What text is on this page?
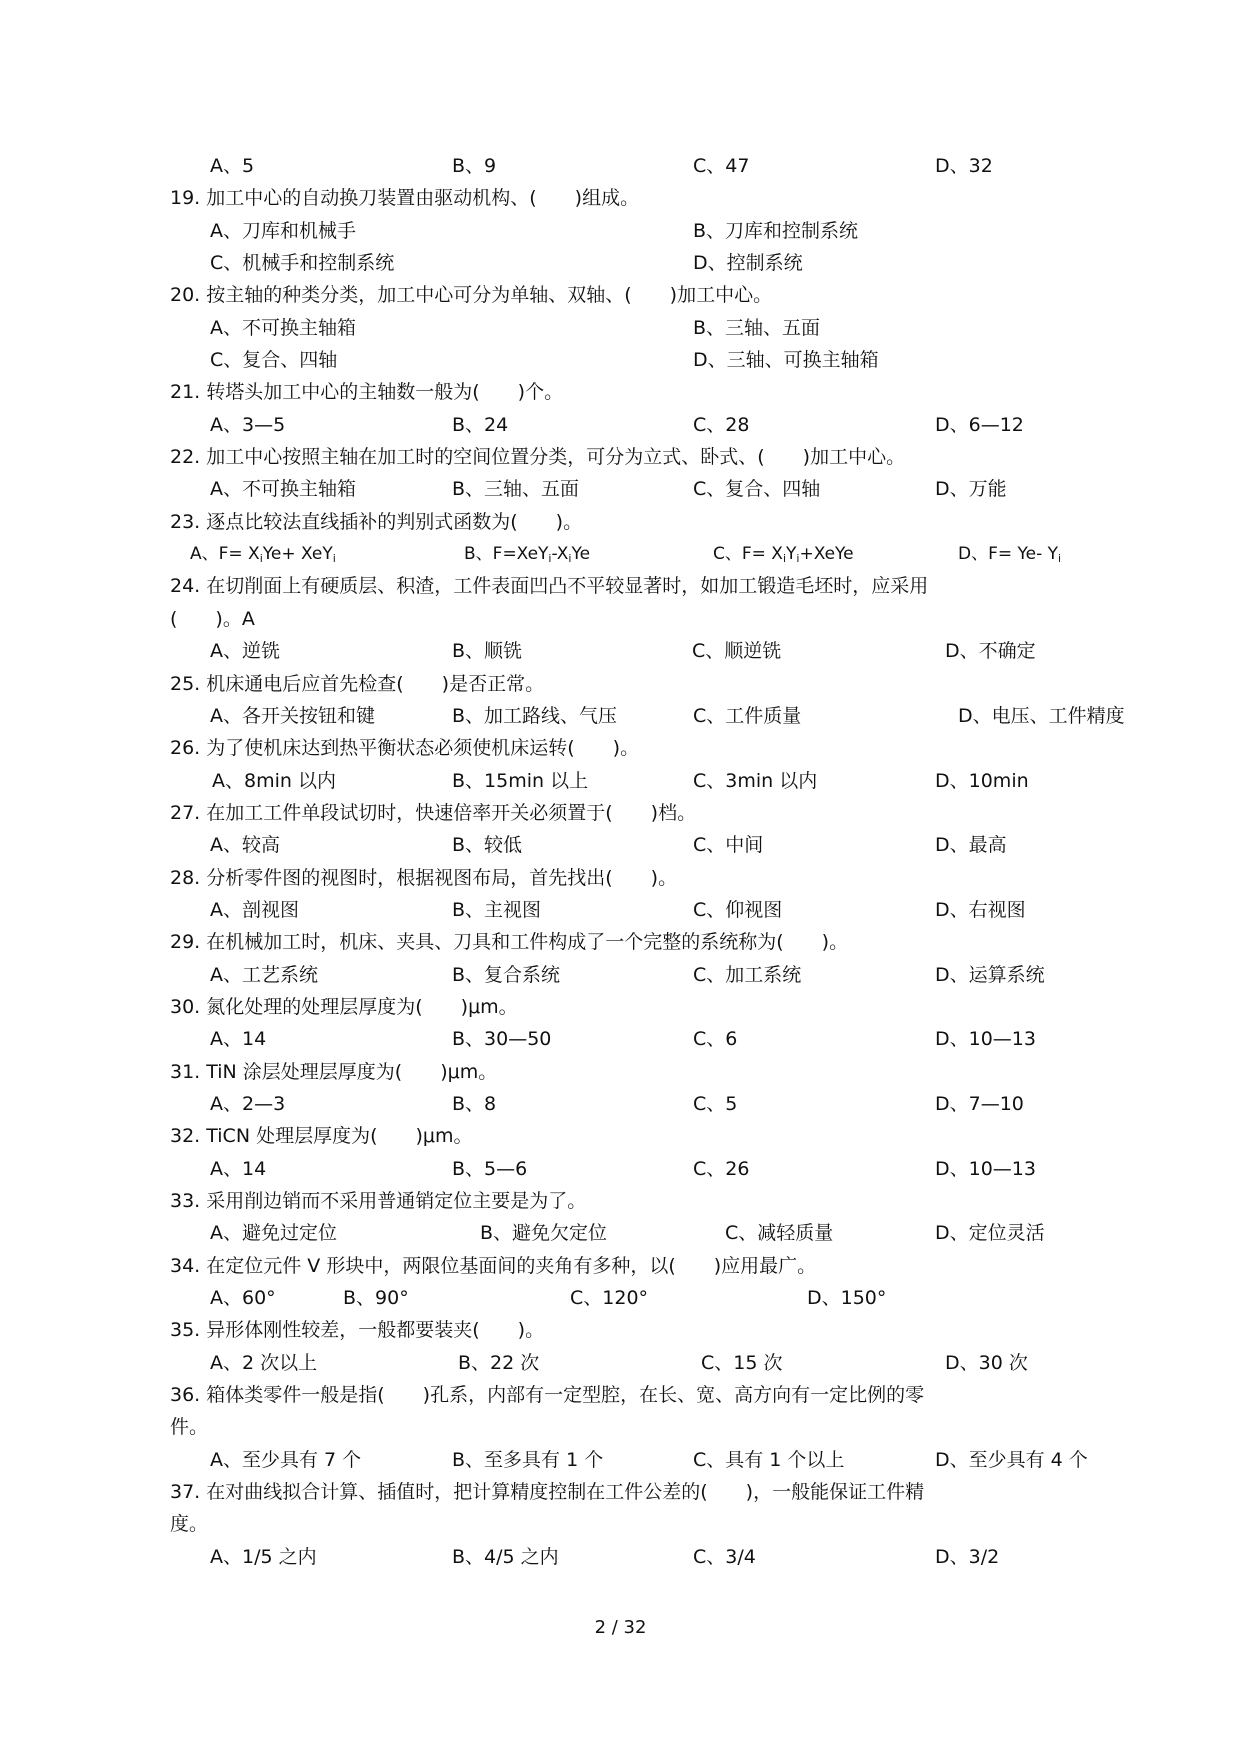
A、5	B、9	C、47	D、32
19. 加工中心的自动换刀装置由驱动机构、(　　)组成。
A、刀库和机械手	B、刀库和控制系统
C、机械手和控制系统	D、控制系统
20. 按主轴的种类分类，加工中心可分为单轴、双轴、(　　)加工中心。
A、不可换主轴箱	B、三轴、五面
C、复合、四轴	D、三轴、可换主轴箱
21. 转塔头加工中心的主轴数一般为(　　)个。
A、3—5	B、24	C、28	D、6—12
22. 加工中心按照主轴在加工时的空间位置分类，可分为立式、卧式、(　　)加工中心。
A、不可换主轴箱	B、三轴、五面	C、复合、四轴	D、万能
23. 逐点比较法直线插补的判别式函数为(　　)。
A、$F= X_iYe+ XeY_i$	B、$F=XeY_i-X_iYe$	C、$F= X_iY_i+XeYe$	D、F= Ye- $Y_i$
24. 在切削面上有硬质层、积渣，工件表面凹凸不平较显著时，如加工锻造毛坯时，应采用
(　　)。A
A、逆铣	B、顺铣	C、顺逆铣	D、不确定
25. 机床通电后应首先检查(　　)是否正常。
A、各开关按钮和键	B、加工路线、气压	C、工件质量	D、电压、工件精度
26. 为了使机床达到热平衡状态必须使机床运转(　　)。
A、8min 以内	B、15min 以上	C、3min 以内	D、10min
27. 在加工工件单段试切时，快速倍率开关必须置于(　　)档。
A、较高	B、较低	C、中间	D、最高
28. 分析零件图的视图时，根据视图布局，首先找出(　　)。
A、剖视图	B、主视图	C、仰视图	D、右视图
29. 在机械加工时，机床、夹具、刀具和工件构成了一个完整的系统称为(　　)。
A、工艺系统	B、复合系统	C、加工系统	D、运算系统
30. 氮化处理的处理层厚度为(　　)μm。
A、14	B、30—50	C、6	D、10—13
31. TiN 涂层处理层厚度为(　　)μm。
A、2—3	B、8	C、5	D、7—10
32. TiCN 处理层厚度为(　　)μm。
A、14	B、5—6	C、26	D、10—13
33. 采用削边销而不采用普通销定位主要是为了。
A、避免过定位	B、避免欠定位	C、减轻质量	D、定位灵活
34. 在定位元件 V 形块中，两限位基面间的夹角有多种，以(　　)应用最广。
A、60°	B、90°	C、120°	D、150°
35. 异形体刚性较差，一般都要装夹(　　)。
A、2 次以上	B、22 次	C、15 次	D、30 次
36. 箱体类零件一般是指(　　)孔系，内部有一定型腔，在长、宽、高方向有一定比例的零
件。
A、至少具有 7 个	B、至多具有 1 个	C、具有 1 个以上	D、至少具有 4 个
37. 在对曲线拟合计算、插值时，把计算精度控制在工件公差的(　　)，一般能保证工件精
度。
A、1/5 之内	B、4/5 之内	C、3/4	D、3/2
2 / 32
